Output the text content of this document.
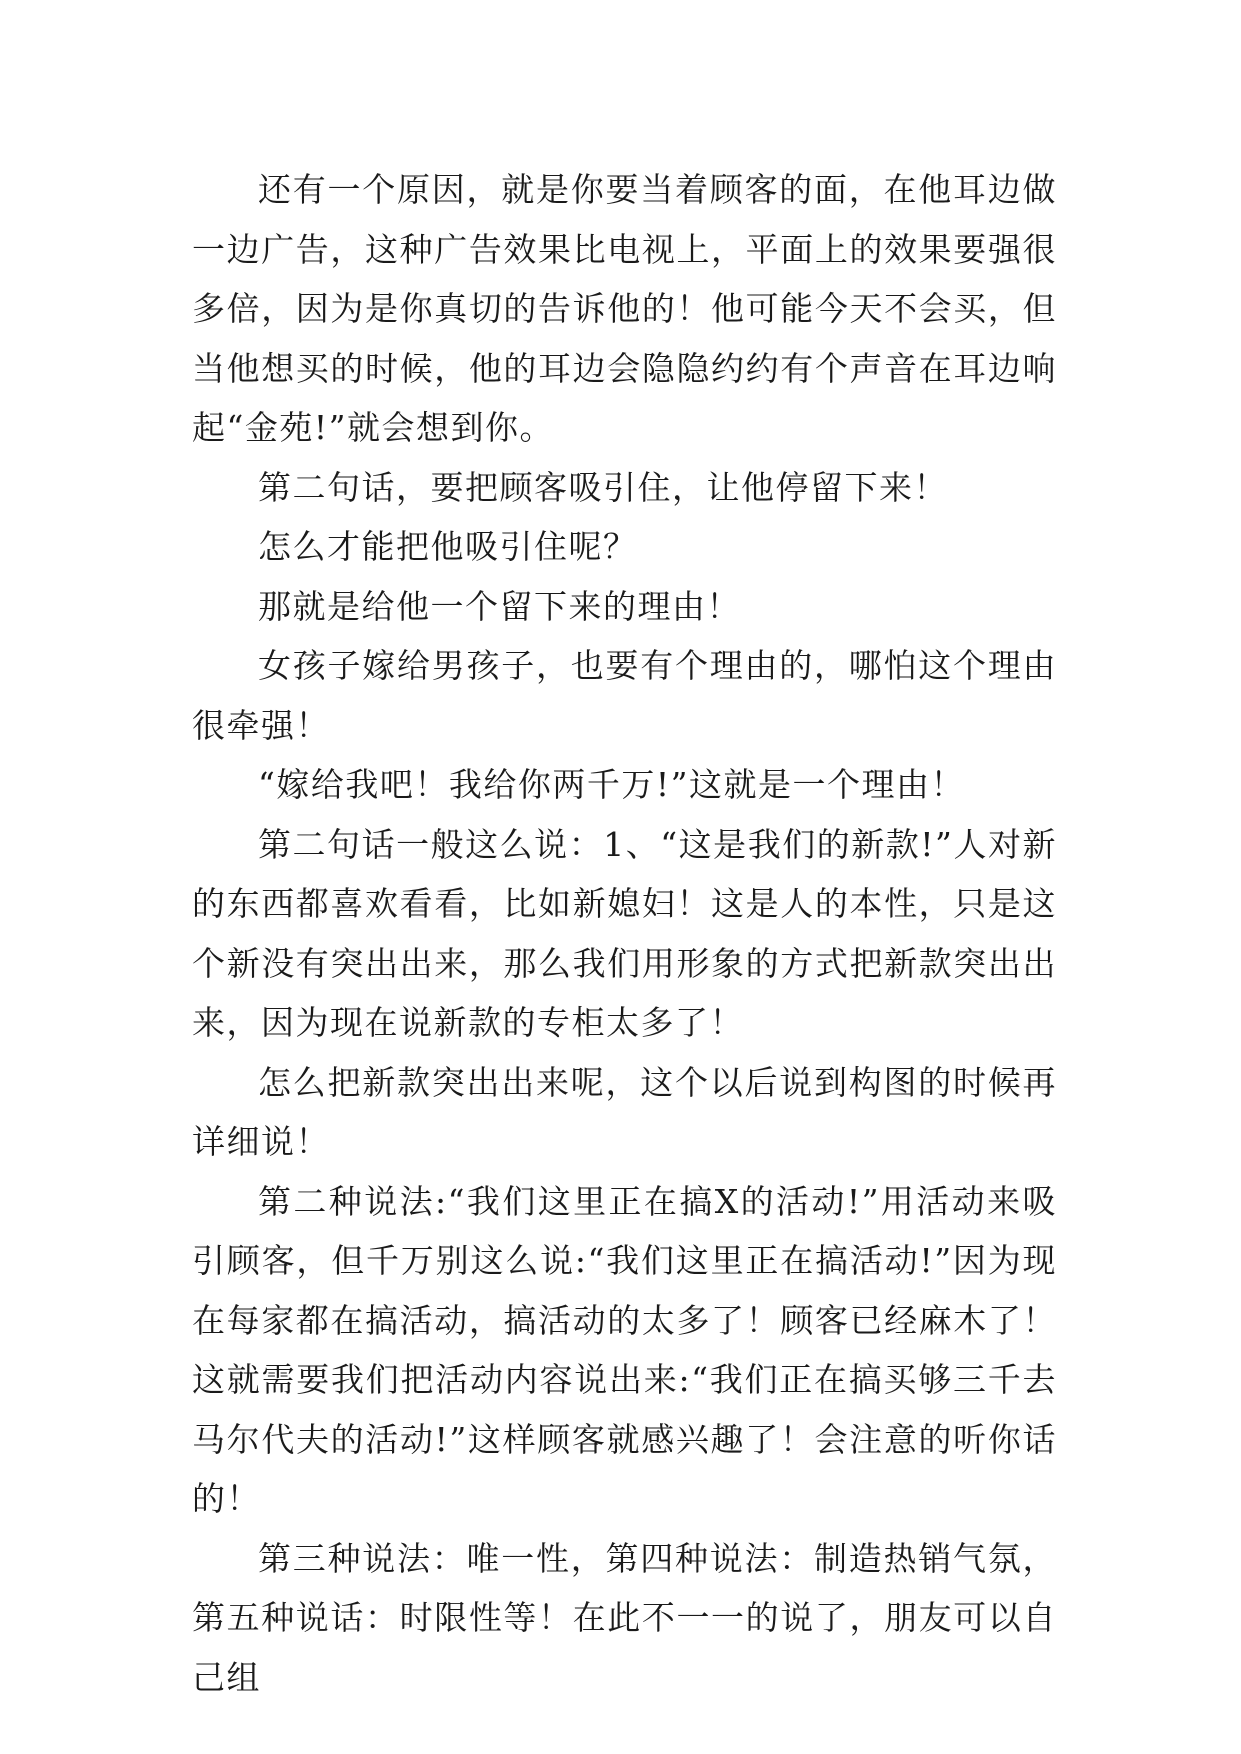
还有一个原因，就是你要当着顾客的面，在他耳边做一边广告，这种广告效果比电视上，平面上的效果要强很多倍，因为是你真切的告诉他的！他可能今天不会买，但当他想买的时候，他的耳边会隐隐约约有个声音在耳边响起“金苑!”就会想到你。

第二句话，要把顾客吸引住，让他停留下来！

怎么才能把他吸引住呢？

那就是给他一个留下来的理由！

女孩子嫁给男孩子，也要有个理由的，哪怕这个理由很牵强！

“嫁给我吧！我给你两千万!”这就是一个理由！

第二句话一般这么说：1、“这是我们的新款!”人对新的东西都喜欢看看，比如新媳妇！这是人的本性，只是这个新没有突出出来，那么我们用形象的方式把新款突出出来，因为现在说新款的专柜太多了！

怎么把新款突出出来呢，这个以后说到构图的时候再详细说！

第二种说法:“我们这里正在搞X的活动!”用活动来吸引顾客，但千万别这么说:“我们这里正在搞活动!”因为现在每家都在搞活动，搞活动的太多了！顾客已经麻木了！这就需要我们把活动内容说出来:“我们正在搞买够三千去马尔代夫的活动!”这样顾客就感兴趣了！会注意的听你话的！

第三种说法：唯一性，第四种说法：制造热销气氛，第五种说话：时限性等！在此不一一的说了，朋友可以自己组
